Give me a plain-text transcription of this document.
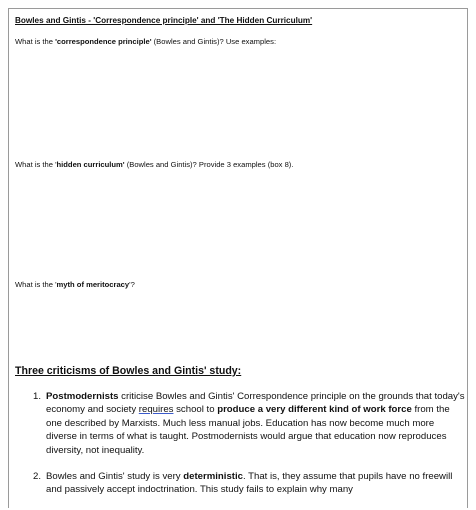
Bowles and Gintis - 'Correspondence principle' and 'The Hidden Curriculum'
What is the 'correspondence principle' (Bowles and Gintis)? Use examples:
What is the 'hidden curriculum' (Bowles and Gintis)? Provide 3 examples (box 8).
What is the 'myth of meritocracy'?
Three criticisms of Bowles and Gintis' study:
1. Postmodernists criticise Bowles and Gintis' Correspondence principle on the grounds that today's economy and society requires school to produce a very different kind of work force from the one described by Marxists. Much less manual jobs. Education has now become much more diverse in terms of what is taught. Postmodernists would argue that education now reproduces diversity, not inequality.
2. Bowles and Gintis' study is very deterministic. That is, they assume that pupils have no freewill and passively accept indoctrination. This study fails to explain why many
